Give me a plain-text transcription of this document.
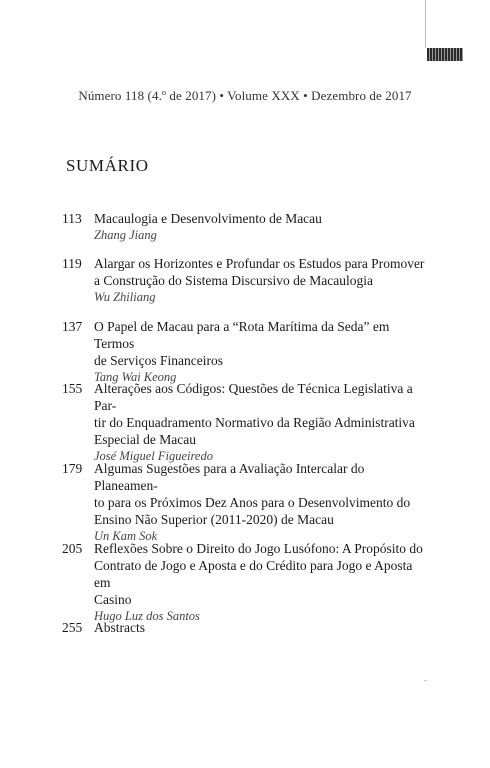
Número 118 (4.º de 2017) • Volume XXX • Dezembro de 2017
SUMÁRIO
113 Macaulogia e Desenvolvimento de Macau
Zhang Jiang
119 Alargar os Horizontes e Profundar os Estudos para Promover
a Construção do Sistema Discursivo de Macaulogia
Wu Zhiliang
137 O Papel de Macau para a “Rota Marítima da Seda” em Termos
de Serviços Financeiros
Tang Wai Keong
155 Alterações aos Códigos: Questões de Técnica Legislativa a Par-
tir do Enquadramento Normativo da Região Administrativa
Especial de Macau
José Miguel Figueiredo
179 Algumas Sugestões para a Avaliação Intercalar do Planeamen-
to para os Próximos Dez Anos para o Desenvolvimento do
Ensino Não Superior (2011-2020) de Macau
Un Kam Sok
205 Reflexões Sobre o Direito do Jogo Lusófono: A Propósito do
Contrato de Jogo e Aposta e do Crédito para Jogo e Aposta em
Casino
Hugo Luz dos Santos
255 Abstracts
